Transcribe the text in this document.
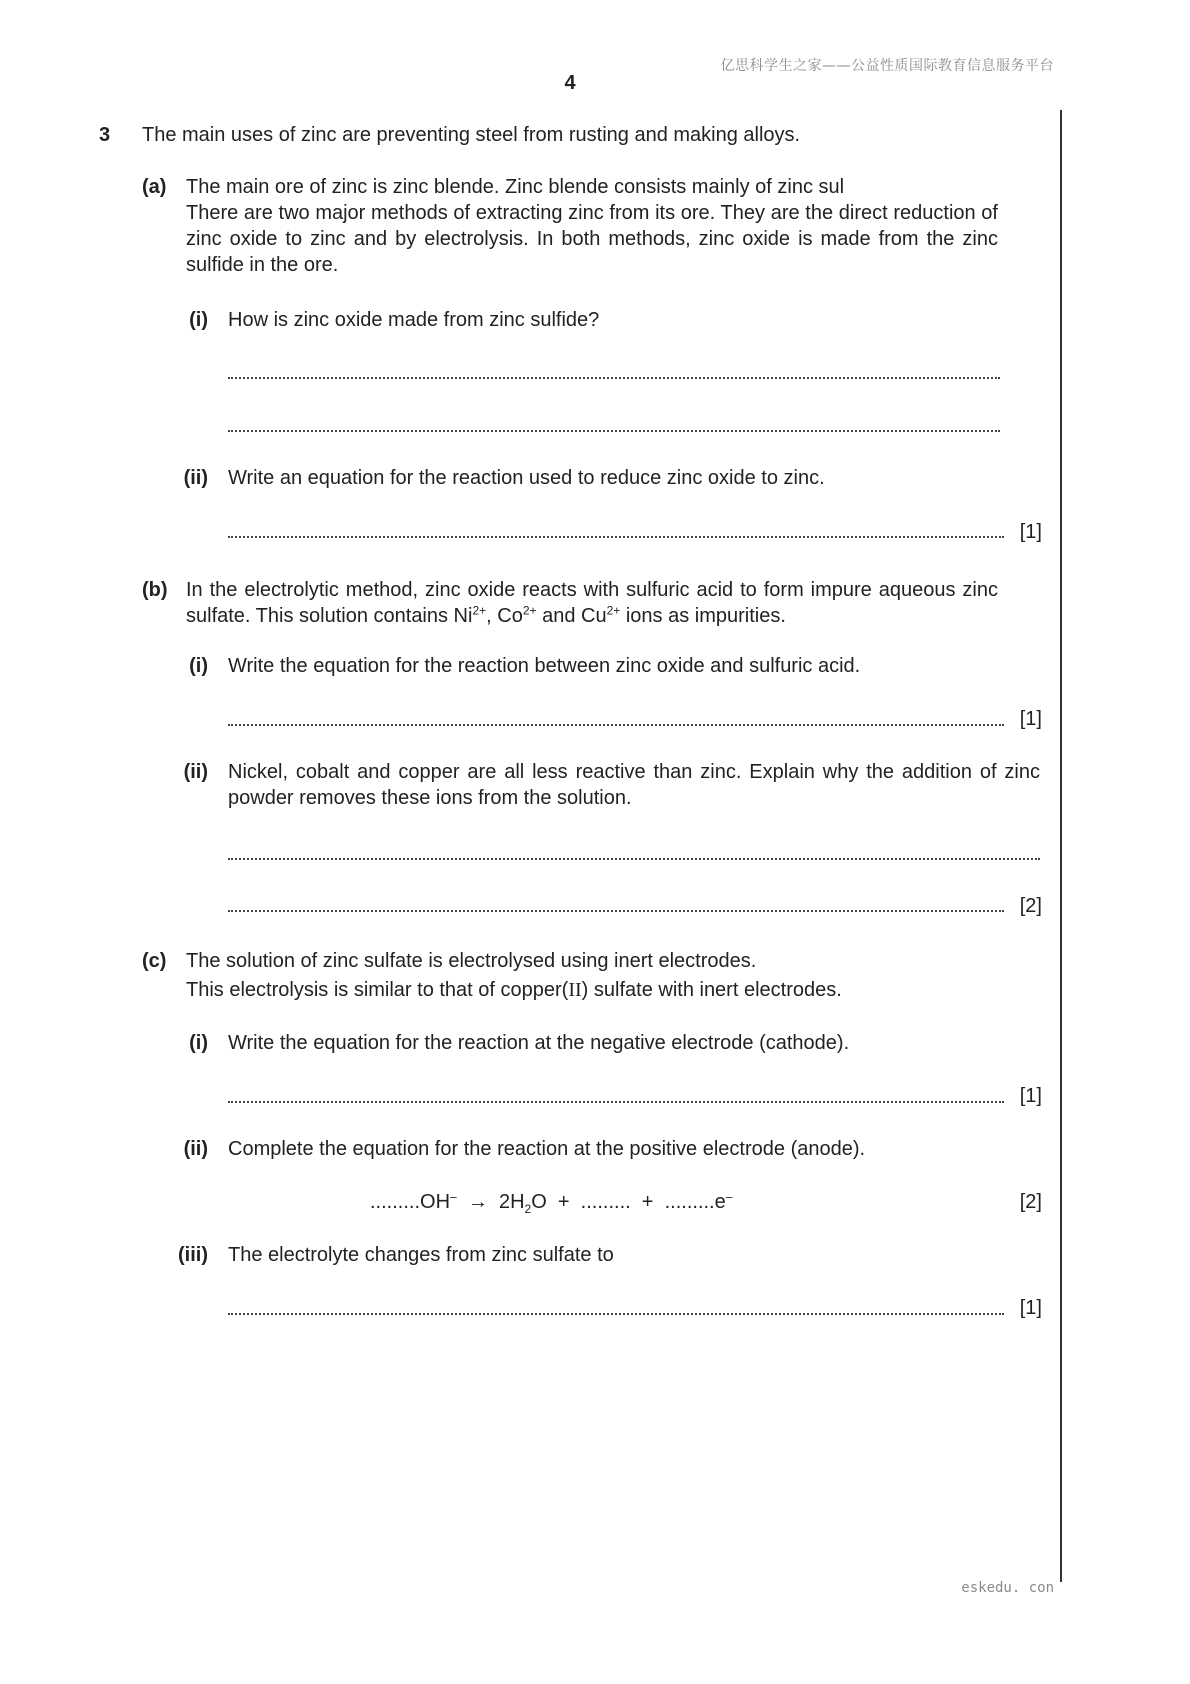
亿思科学生之家——公益性质国际教育信息服务平台
4
3 The main uses of zinc are preventing steel from rusting and making alloys.
(a) The main ore of zinc is zinc blende. Zinc blende consists mainly of zinc sul
There are two major methods of extracting zinc from its ore. They are the direct reduction of zinc oxide to zinc and by electrolysis. In both methods, zinc oxide is made from the zinc sulfide in the ore.
(i) How is zinc oxide made from zinc sulfide?
(ii) Write an equation for the reaction used to reduce zinc oxide to zinc.
[1]
(b) In the electrolytic method, zinc oxide reacts with sulfuric acid to form impure aqueous zinc sulfate. This solution contains $Ni^{2+}$, $Co^{2+}$ and $Cu^{2+}$ ions as impurities.
(i) Write the equation for the reaction between zinc oxide and sulfuric acid.
[1]
(ii) Nickel, cobalt and copper are all less reactive than zinc. Explain why the addition of zinc powder removes these ions from the solution.
[2]
(c) The solution of zinc sulfate is electrolysed using inert electrodes.
This electrolysis is similar to that of copper(II) sulfate with inert electrodes.
(i) Write the equation for the reaction at the negative electrode (cathode).
[1]
(ii) Complete the equation for the reaction at the positive electrode (anode).
$.........OH^- \to 2H_2O$  +  .........  +  .........e–	[2]
(iii) The electrolyte changes from zinc sulfate to
[1]
eskedu. con
